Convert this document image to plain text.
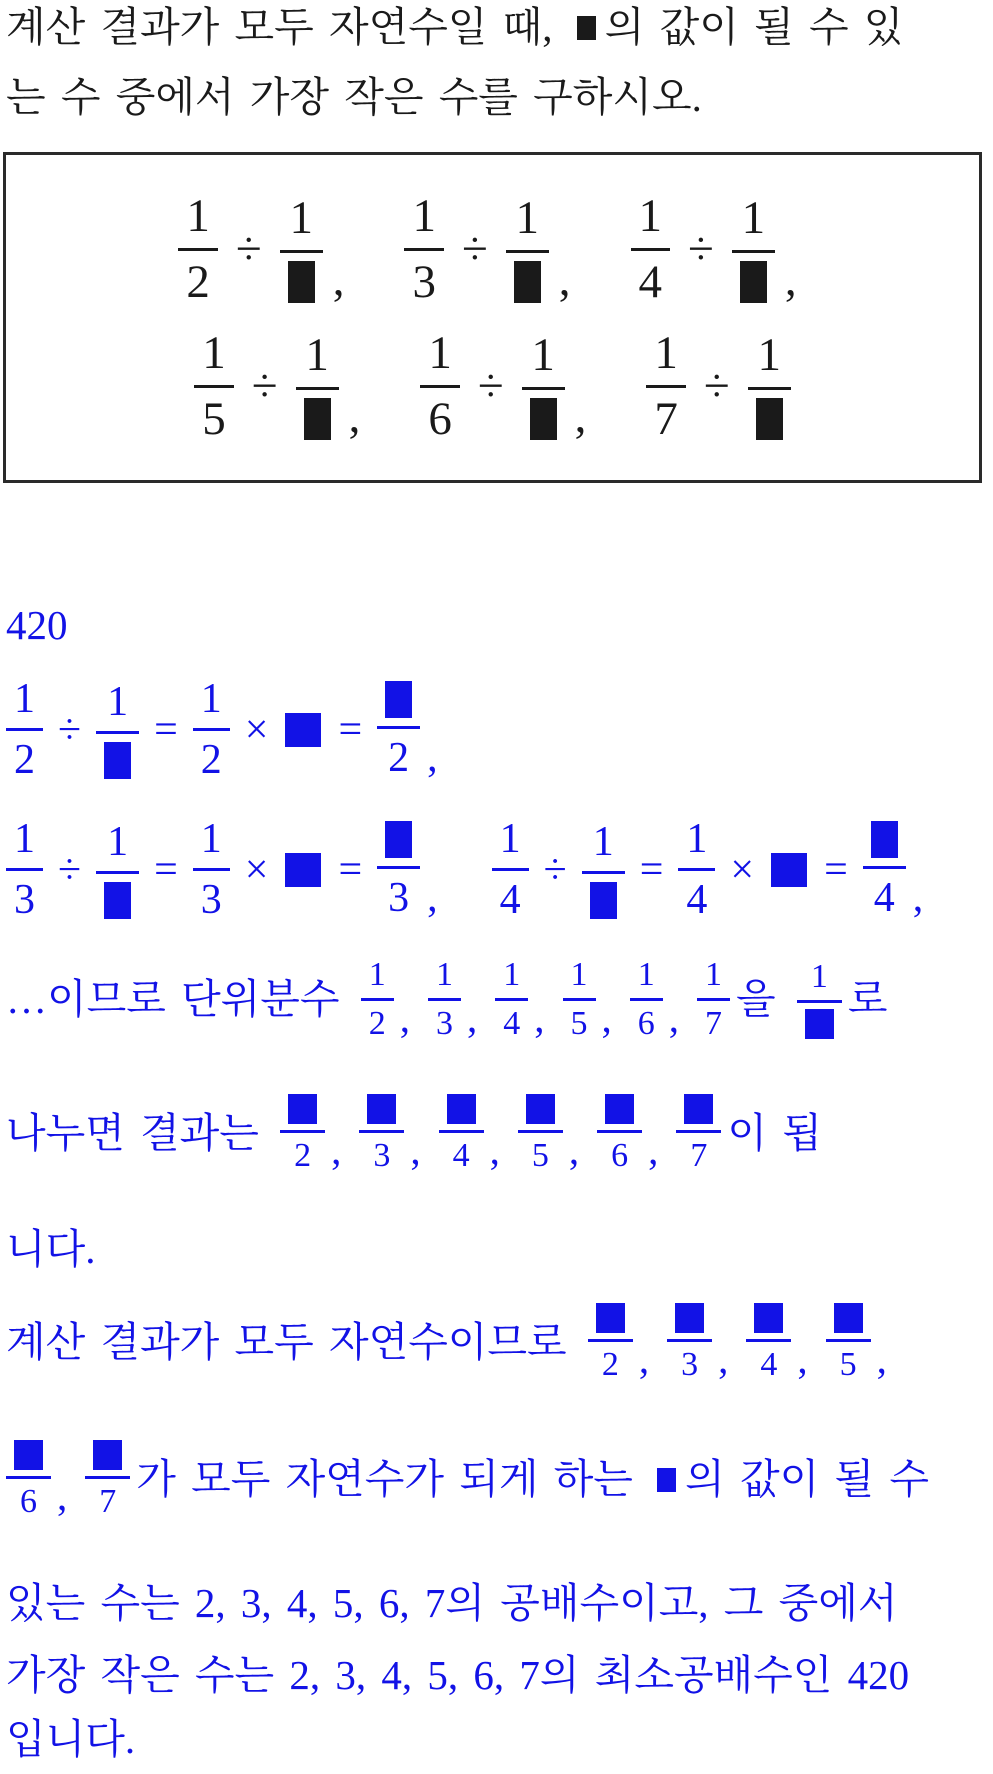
계산 결과가 모두 자연수일 때, 의 값이 될 수 있
는 수 중에서 가장 작은 수를 구하시오.
$\frac{1}{2}$ ÷
1
, $\frac{1}{3}$ ÷
1
, $\frac{1}{4}$ ÷
1
,
$\frac{1}{5}$ ÷
1
, $\frac{1}{6}$ ÷
1
, $\frac{1}{7}$ ÷
1
420
$\frac{1}{2}$ ÷
1
= $\frac{1}{2}$ × =
2 ,
$\frac{1}{3}$ ÷
1
= $\frac{1}{3}$ × =
3 , $\frac{1}{4}$ ÷
1
= $\frac{1}{4}$ × =
4 ,
…이므로 단위분수 $\frac{1}{2}$ , $\frac{1}{3}$ , $\frac{1}{4}$ , $\frac{1}{5}$ , $\frac{1}{6}$ , $\frac{1}{7}$ 을 1 로
나누면 결과는 2 , 3 , 4 , 5 , 6 , 7 이 됩
니다.
계산 결과가 모두 자연수이므로 2 , 3 , 4 , 5 ,
6 , 7 가 모두 자연수가 되게 하는 의 값이 될 수
있는 수는 2, 3, 4, 5, 6, 7의 공배수이고, 그 중에서
가장 작은 수는 2, 3, 4, 5, 6, 7의 최소공배수인 420
입니다.
